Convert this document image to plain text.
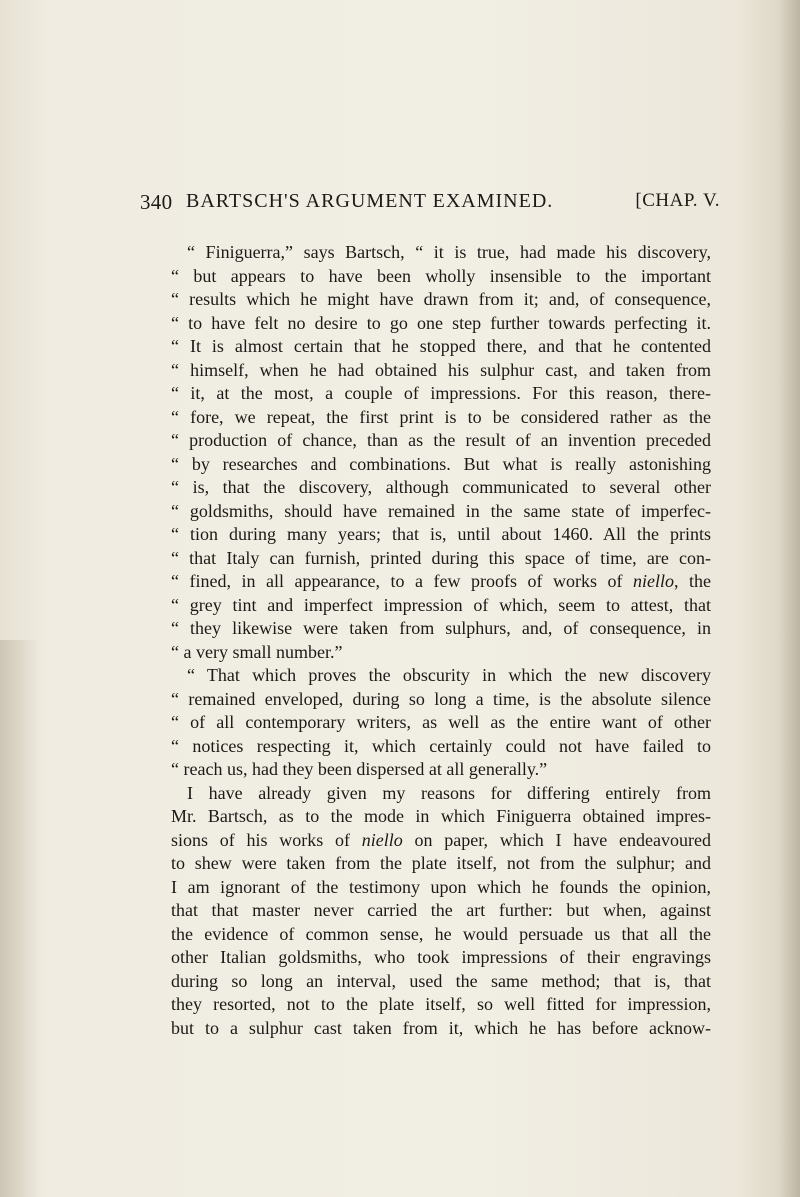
340 BARTSCH'S ARGUMENT EXAMINED.	[CHAP. V.
“ Finiguerra,” says Bartsch, “ it is true, had made his discovery,
“ but appears to have been wholly insensible to the important
“ results which he might have drawn from it; and, of consequence,
“ to have felt no desire to go one step further towards perfecting it.
“ It is almost certain that he stopped there, and that he contented
“ himself, when he had obtained his sulphur cast, and taken from
“ it, at the most, a couple of impressions. For this reason, there-
“ fore, we repeat, the first print is to be considered rather as the
“ production of chance, than as the result of an invention preceded
“ by researches and combinations. But what is really astonishing
“ is, that the discovery, although communicated to several other
“ goldsmiths, should have remained in the same state of imperfec-
“ tion during many years; that is, until about 1460. All the prints
“ that Italy can furnish, printed during this space of time, are con-
“ fined, in all appearance, to a few proofs of works of niello, the
“ grey tint and imperfect impression of which, seem to attest, that
“ they likewise were taken from sulphurs, and, of consequence, in
“ a very small number.”
“ That which proves the obscurity in which the new discovery
“ remained enveloped, during so long a time, is the absolute silence
“ of all contemporary writers, as well as the entire want of other
“ notices respecting it, which certainly could not have failed to
“ reach us, had they been dispersed at all generally.”
I have already given my reasons for differing entirely from
Mr. Bartsch, as to the mode in which Finiguerra obtained impres-
sions of his works of niello on paper, which I have endeavoured
to shew were taken from the plate itself, not from the sulphur; and
I am ignorant of the testimony upon which he founds the opinion,
that that master never carried the art further: but when, against
the evidence of common sense, he would persuade us that all the
other Italian goldsmiths, who took impressions of their engravings
during so long an interval, used the same method; that is, that
they resorted, not to the plate itself, so well fitted for impression,
but to a sulphur cast taken from it, which he has before acknow-
